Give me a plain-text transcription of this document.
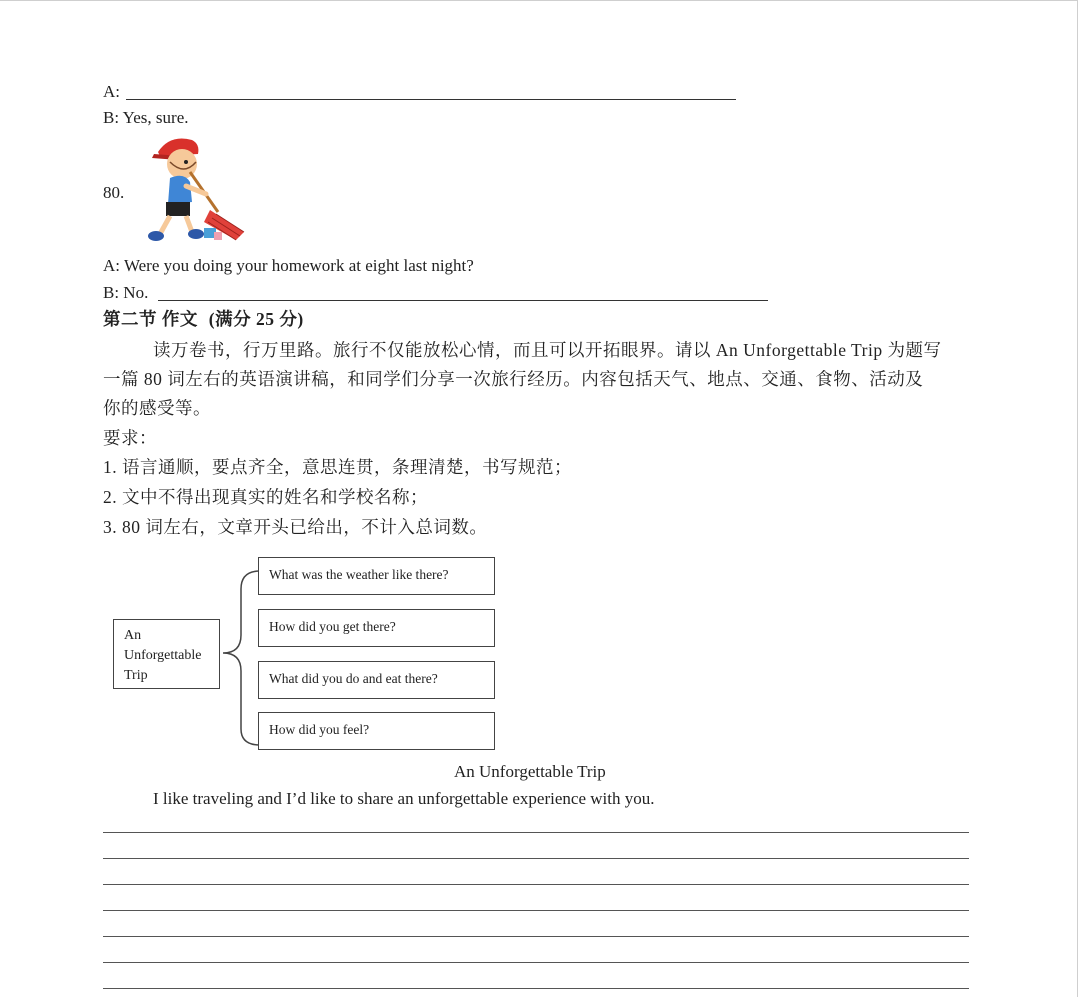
A:
B: Yes, sure.
80.
A: Were you doing your homework at eight last night?
B: No.
第二节 作文 (满分 25 分)
读万卷书，行万里路。旅行不仅能放松心情，而且可以开拓眼界。请以 An Unforgettable Trip 为题写
一篇 80 词左右的英语演讲稿，和同学们分享一次旅行经历。内容包括天气、地点、交通、食物、活动及
你的感受等。
要求：
1. 语言通顺，要点齐全，意思连贯，条理清楚，书写规范；
2. 文中不得出现真实的姓名和学校名称；
3. 80 词左右，文章开头已给出，不计入总词数。
An
Unforgettable
Trip
What was the weather like there?
How did you get there?
What did you do and eat there?
How did you feel?
An Unforgettable Trip
I like traveling and I’d like to share an unforgettable experience with you.
